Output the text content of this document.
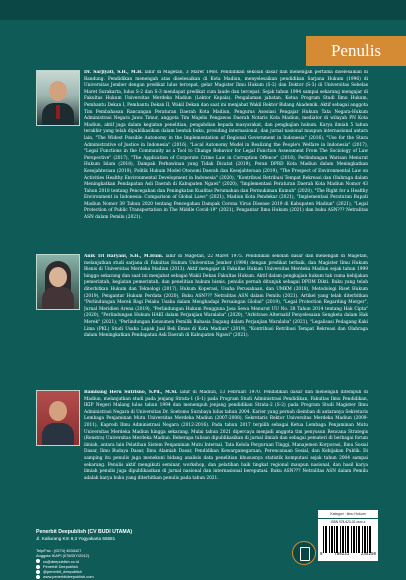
Penulis
Dr. Sarjiyati, S.H., M.H. lahir di Magetan, 3 Maret 1968. Pendidikan sekolah dasar dan menengah pertama diselesaikan di Bandung. Pendidikan menengah atas diselesaikan di Kota Madiun, menyelesaikan pendidikan Sarjana Hukum (1996) di Universitas Jember dengan predikat lulus tercepat, gelar Magister Ilmu Hukum (S-2) dan Doktor (S-3) di Universitas Sebelas Maret Surakarta, lulus S-2 dan S-3 mendapat predikat cum laude dan tercepat. Sejak tahun 1994 sampai sekarang mengajar di Fakultas Hukum Universitas Merdeka Madiun (Lektor Kepala). Pengalaman jabatan, Ketua Program Studi Ilmu Hukum, Pembantu Dekan I, Pembantu Dekan II, Wakil Dekan dan saat ini menjabat Wakil Rektor Bidang Akademik. Aktif sebagai anggota Tim Pembahasan Rancangan Peraturan Daerah Kota Madiun, Pengurus Asosiasi Pengajar Hukum Tata Negara-Hukum Administrasi Negara Jawa Timur, anggota Tim Majelis Pengawas Daerah Notaris Kota Madiun, mediator di wilayah PN Kota Madiun, aktif juga dalam kegiatan penelitian, pengabdian kepada masyarakat, dan pengkajian hukum. Karya ilmiah 5 tahun terakhir yang telah dipublikasikan dalam bentuk buku, prosiding internasional, dan jurnal nasional maupun internasional antara lain, "The Widest Possible Autonomy in the Implementation of Regional Government in Indonesia" (2016), "Use for the Stara Administrative of Justice in Indonesia" (2016), "Local Autonomy Model in Realizing the People's Welfare in Indonesia" (2017), "Legal Functions in the Community as a Tool to Change Behavior for Legal Function Assessment From The Sociology of Law Perspective" (2017), "The Application of Corporate Crime Law in Corruption Offence" (2018), Perlindungan Warisan Menurut Hukum Islam (2018), Dampak Perkawinan yang Tidak Dicatat (2019), Peran DPRD Kota Madiun dalam Meningkatkan Kesejahteraan (2019), Politik Hukum Model Otonomi Daerah dan Kesejahteraan (2019), "The Prospect of Environmental Law on Activities Healthy Environmental Development in Indonesia" (2020), "Kontribusi Retribusi Tempat Rekreasi dan Olahraga dalam Meningkatkan Pendapatan Asli Daerah di Kabupaten Ngawi" (2020), "Implementasi Peraturan Daerah Kota Madiun Nomor 43 Tahun 2018 tentang Pencegahan dan Peningkatan Kualitas Perumahan dan Permukiman Kumuh" (2020), "The Right for a Healthy Environment in Indonesia: Comparison of Global Laws" (2021), Madiun Kota Pendekar (2021), "Implementasi Peraturan Bupati Madiun Nomor 39 Tahun 2020 tentang Pencegahan Dampak Corona Virus Disease 2019 di Kabupaten Madiun" (2021), "Legal Protection of Public Transportation in The Middle Covid-19" (2021), Pengantar Ilmu Hukum (2021) dan buku ASN??? Netralitas ASN dalam Pemilu (2021).
Anik Tri Haryani, S.H., M.Hum. lahir di Magetan, 22 Maret 1975. Pendidikan sekolah dasar dan menengah di Magetan, melanjutkan studi sarjana di Fakultas Hukum Universitas Jember (1998) dengan predikat terbaik, dan Magister Ilmu Hukum Bisnis di Universitas Merdeka Madiun (2013). Aktif mengajar di Fakultas Hukum Universitas Merdeka Madiun sejak tahun 1999 hingga sekarang dan saat ini menjabat sebagai Wakil Dekan Fakultas Hukum. Aktif dalam pengkajian hukum tak cuma kebijakan pemerintah, kegiatan pemerintah, dan penelitian hukum bisnis, penulis pernah ditunjuk sebagai DPDM Dikti. Buku yang telah diterbitkan Hukum dan Teknologi (2017), Hukum Koperasi, Usaha Perusahaan, dan UMKM (2018), Metodologi Riset Hukum (2019), Pengantar Hukum Perdata (2020), Buku ASN??? Netralitas ASN dalam Pemilu (2021). Artikel yang telah diterbitkan "Perlindungan Merek Bagi Pelaku Usaha dalam Menghadapi Persaingan Global" (2019), "Legal Protection Regarding Merger", Jurnal Meridien Arena (2019), "Perlindungan Hukum Pengguna Jasa Sewa Menurut UU No. 28 Tahun 2014 tentang Hak Cipta" (2020), "Perlindungan Hukum HAKI dalam Perjanjian Waralaba" (2020), "Arbitrase Alternatif Penyelesaian Sengketa dalam Hak Merek" (2021), "Perlindungan Konsumen Pemilik Rahasia Dagang dalam Perjanjian Waralaba" (2021), "Legalisasi Pedagang Kaki Lima (PKL) Studi Usaha Lapak Jual Beli Emas di Kota Madiun" (2019), "Kontribusi Retribusi Tempat Rekreasi dan Olahraga dalam Meningkatkan Pendapatan Asli Daerah di Kabupaten Ngawi" (2021).
Bambang Heru Sutrisno, S.Pd., M.Si. lahir di Madiun, 13 Februari 1970. Pendidikan dasar dan menengah ditempuh di Madiun, melanjutkan studi pada jenjang Strata-1 (S-1) pada Program Studi Administrasi Pendidikan, Fakultas Ilmu Pendidikan, IKIP Negeri Malang lulus tahun 1994 dan menempuh jenjang pendidikan Strata-2 (S-2) pada Program Studi Magister Ilmu Administrasi Negara di Universitas Dr. Soetomo Surabaya lulus tahun 2004. Karier yang pernah diemban di antaranya Sekretaris Lembaga Penjaminan Mutu Universitas Merdeka Madiun (2007-2008), Sekretaris Rektor Universitas Merdeka Madiun (2009-2011), Kaprodi Ilmu Administrasi Negara (2012-2016). Pada tahun 2017 terpilih sebagai Ketua Lembaga Penjaminan Mutu Universitas Merdeka Madiun hingga sekarang. Mulai tahun 2021 dipercaya menjadi anggota tim penyusun Rencana Strategis (Renstra) Universitas Merdeka Madiun. Beberapa tulisan dipublikasikan di jurnal ilmiah dan sebagai pemateri di berbagai forum ilmiah, antara lain Pelatihan Sistem Penjaminan Mutu Internal, Tata Kelola Perguruan Tinggi, Manajemen Korporasi, Ilmu Sosial Dasar, Ilmu Budaya Dasar, Ilmu Alamiah Dasar, Pendidikan Kewarganegaraan, Perencanaan Sosial, dan Kebijakan Publik. Di samping itu penulis juga menekuni bidang analisis data penelitian khususnya statistik komputasi sejak tahun 2004 sampai sekarang. Penulis aktif mengikuti seminar, workshop, dan pelatihan baik tingkat regional maupun nasional, dan hasil karya ilmiah penulis juga dipublikasikan di jurnal nasional dan internasional bereputasi. Buku ASN??? Netralitas ASN dalam Pemilu adalah karya buku yang diterbitkan penulis pada tahun 2021.
Penerbit Deepublish (CV BUDI UTAMA)
Jl. Kaliurang Km 9,3 Yogyakarta 55581
Telp/Fax : (0274) 4533427
Anggota IKAPI (076/DIY/2012)
cs@deepublish.co.id
Penerbit Deepublish
@penerbit_deepublish
www.penerbitdeepublish.com
Kategori : Ilmu Hukum
ISBN 978-623-02-xxxx-x
9	786231	245250
